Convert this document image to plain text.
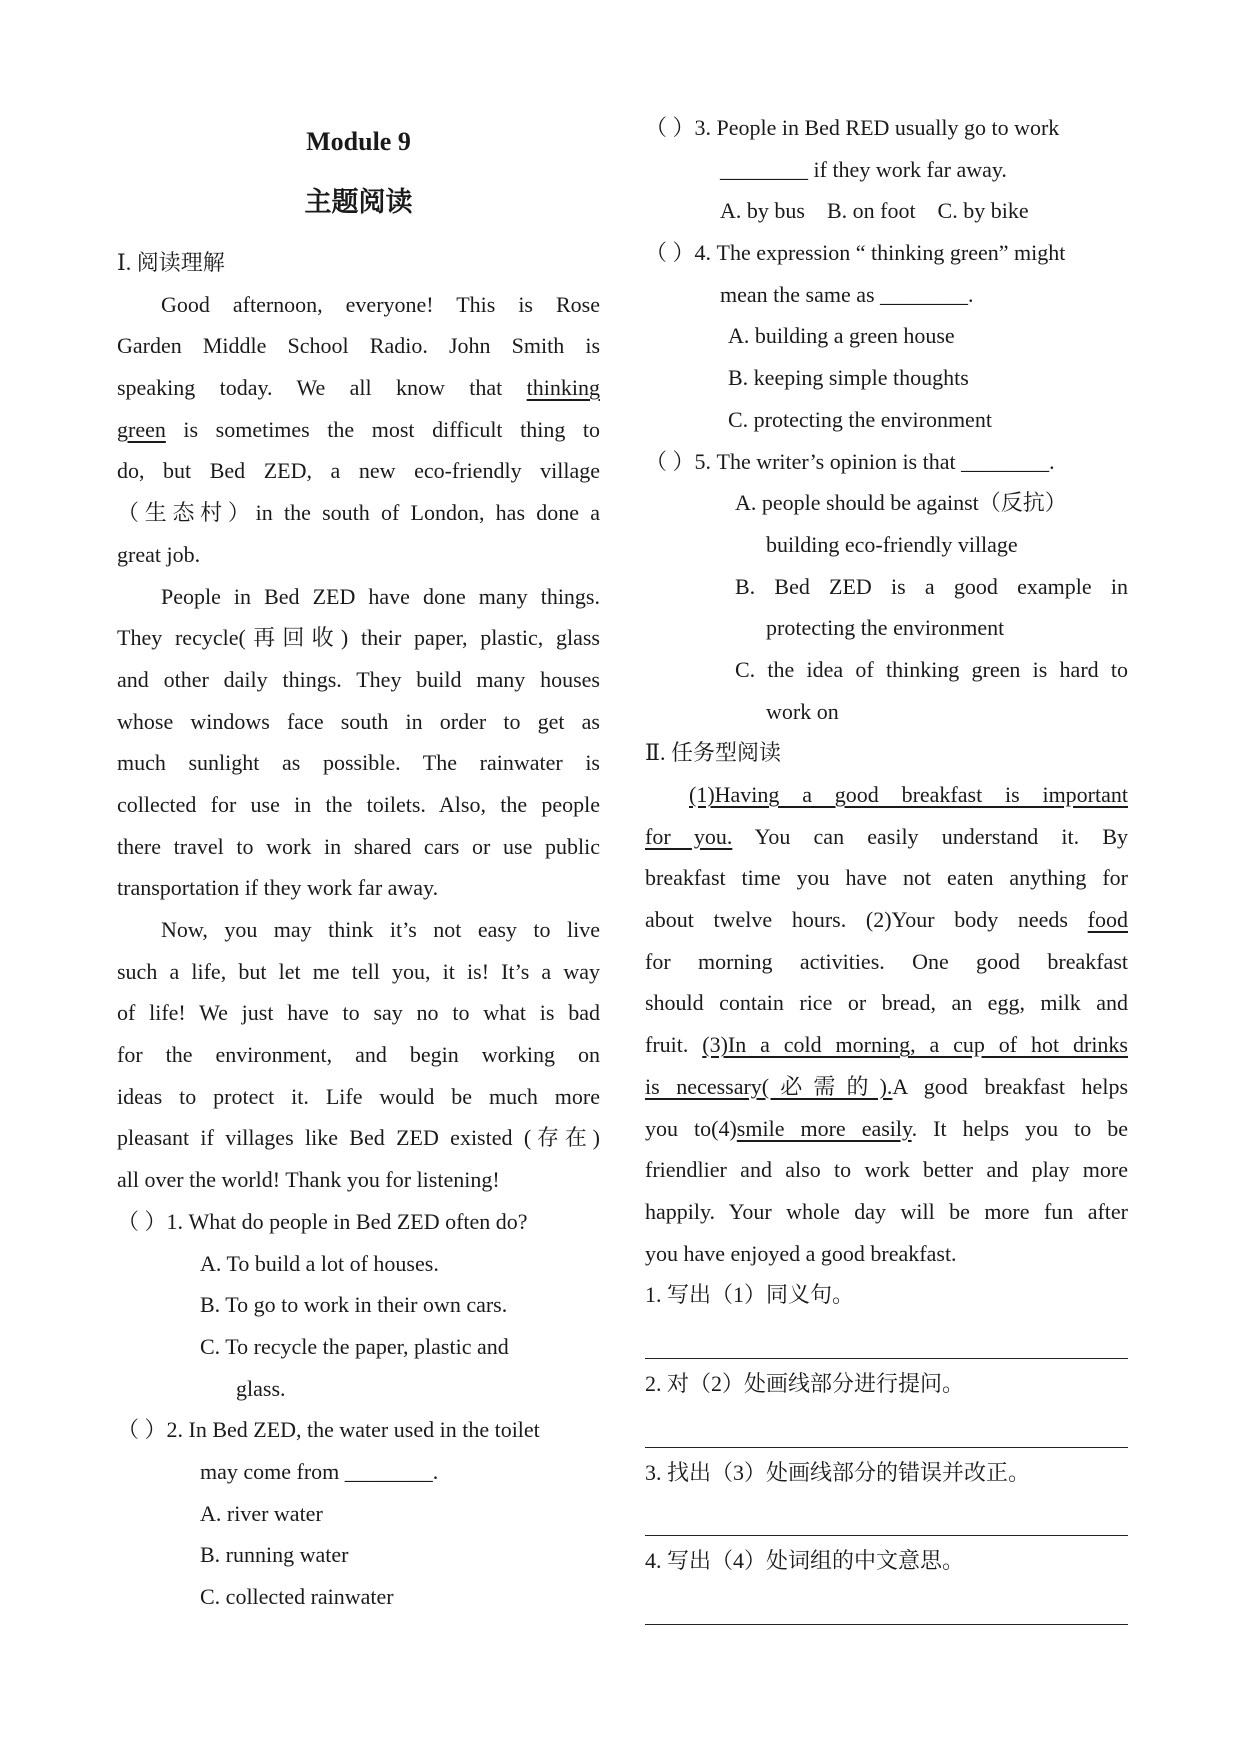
Module 9
主题阅读
Ⅰ. 阅读理解
Good afternoon, everyone! This is Rose
Garden Middle School Radio. John Smith is
speaking today. We all know that thinking
green is sometimes the most difficult thing to
do, but Bed ZED, a new eco-friendly village
（生态村）in the south of London, has done a
great job.
People in Bed ZED have done many things.
They recycle(再回收) their paper, plastic, glass
and other daily things. They build many houses
whose windows face south in order to get as
much sunlight as possible. The rainwater is
collected for use in the toilets. Also, the people
there travel to work in shared cars or use public
transportation if they work far away.
Now, you may think it’s not easy to live
such a life, but let me tell you, it is! It’s a way
of life! We just have to say no to what is bad
for the environment, and begin working on
ideas to protect it. Life would be much more
pleasant if villages like Bed ZED existed (存在)
all over the world! Thank you for listening!
（ ）1. What do people in Bed ZED often do?
A. To build a lot of houses.
B. To go to work in their own cars.
C. To recycle the paper, plastic and
glass.
（ ）2. In Bed ZED, the water used in the toilet
may come from ________.
A. river water
B. running water
C. collected rainwater
（ ）3. People in Bed RED usually go to work
________ if they work far away.
A. by bus    B. on foot    C. by bike
（ ）4. The expression “ thinking green” might
mean the same as ________.
A. building a green house
B. keeping simple thoughts
C. protecting the environment
（ ）5. The writer’s opinion is that ________.
A. people should be against（反抗）
building eco-friendly village
B. Bed ZED is a good example in
protecting the environment
C. the idea of thinking green is hard to
work on
Ⅱ. 任务型阅读
(1)Having a good breakfast is important
for you. You can easily understand it. By
breakfast time you have not eaten anything for
about twelve hours. (2)Your body needs food
for morning activities. One good breakfast
should contain rice or bread, an egg, milk and
fruit. (3)In a cold morning, a cup of hot drinks
is necessary(必需的).A good breakfast helps
you to(4)smile more easily. It helps you to be
friendlier and also to work better and play more
happily. Your whole day will be more fun after
you have enjoyed a good breakfast.
1. 写出（1）同义句。
2. 对（2）处画线部分进行提问。
3. 找出（3）处画线部分的错误并改正。
4. 写出（4）处词组的中文意思。
